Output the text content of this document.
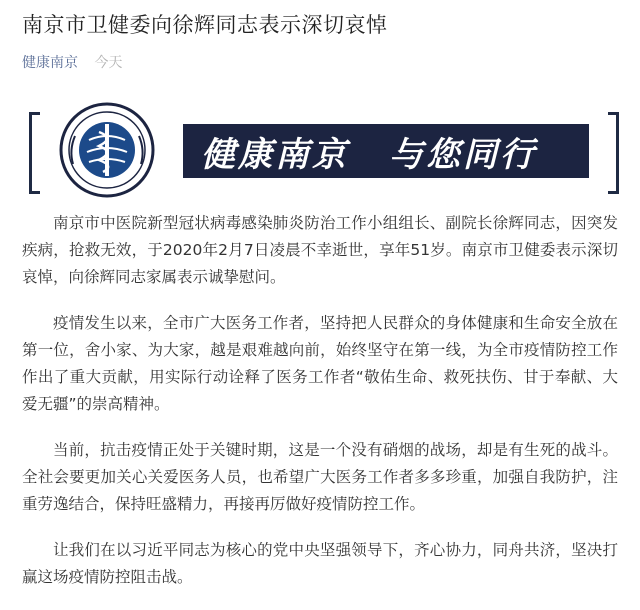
南京市卫健委向徐辉同志表示深切哀悼
健康南京 今天
健康南京 与您同行

南京市中医院新型冠状病毒感染肺炎防治工作小组组长、副院长徐辉同志，因突发疾病，抢救无效，于2020年2月7日凌晨不幸逝世，享年51岁。南京市卫健委表示深切哀悼，向徐辉同志家属表示诚挚慰问。

疫情发生以来，全市广大医务工作者，坚持把人民群众的身体健康和生命安全放在第一位，舍小家、为大家，越是艰难越向前，始终坚守在第一线，为全市疫情防控工作作出了重大贡献，用实际行动诠释了医务工作者“敬佑生命、救死扶伤、甘于奉献、大爱无疆”的崇高精神。

当前，抗击疫情正处于关键时期，这是一个没有硝烟的战场，却是有生死的战斗。全社会要更加关心关爱医务人员，也希望广大医务工作者多多珍重，加强自我防护，注重劳逸结合，保持旺盛精力，再接再厉做好疫情防控工作。

让我们在以习近平同志为核心的党中央坚强领导下，齐心协力，同舟共济，坚决打赢这场疫情防控阻击战。
